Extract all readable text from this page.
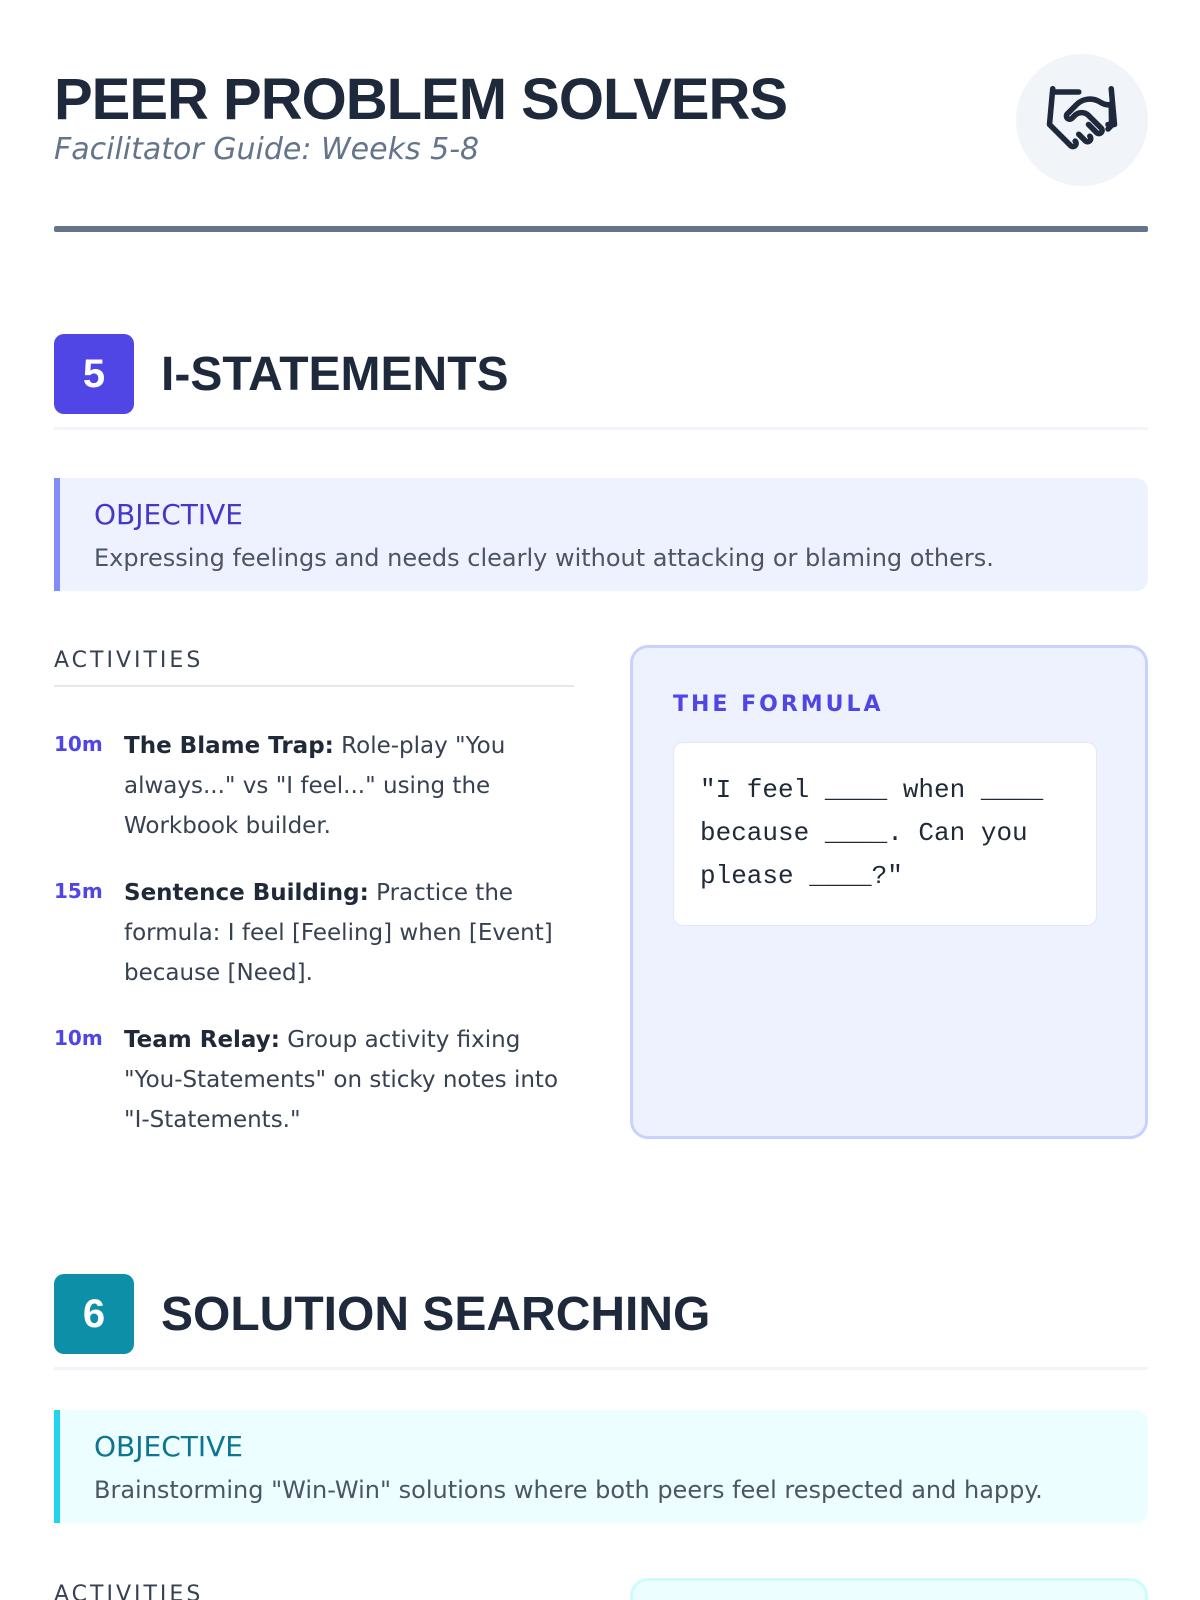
PEER PROBLEM SOLVERS
Facilitator Guide: Weeks 5-8
5	I-STATEMENTS
OBJECTIVE
Expressing feelings and needs clearly without attacking or blaming others.
ACTIVITIES
10m The Blame Trap: Role-play "You always..." vs "I feel..." using the Workbook builder.
15m Sentence Building: Practice the formula: I feel [Feeling] when [Event] because [Need].
10m Team Relay: Group activity fixing "You-Statements" on sticky notes into "I-Statements."
THE FORMULA
"I feel ____ when ____ because ____. Can you please ____?"
6	SOLUTION SEARCHING
OBJECTIVE
Brainstorming "Win-Win" solutions where both peers feel respected and happy.
ACTIVITIES
